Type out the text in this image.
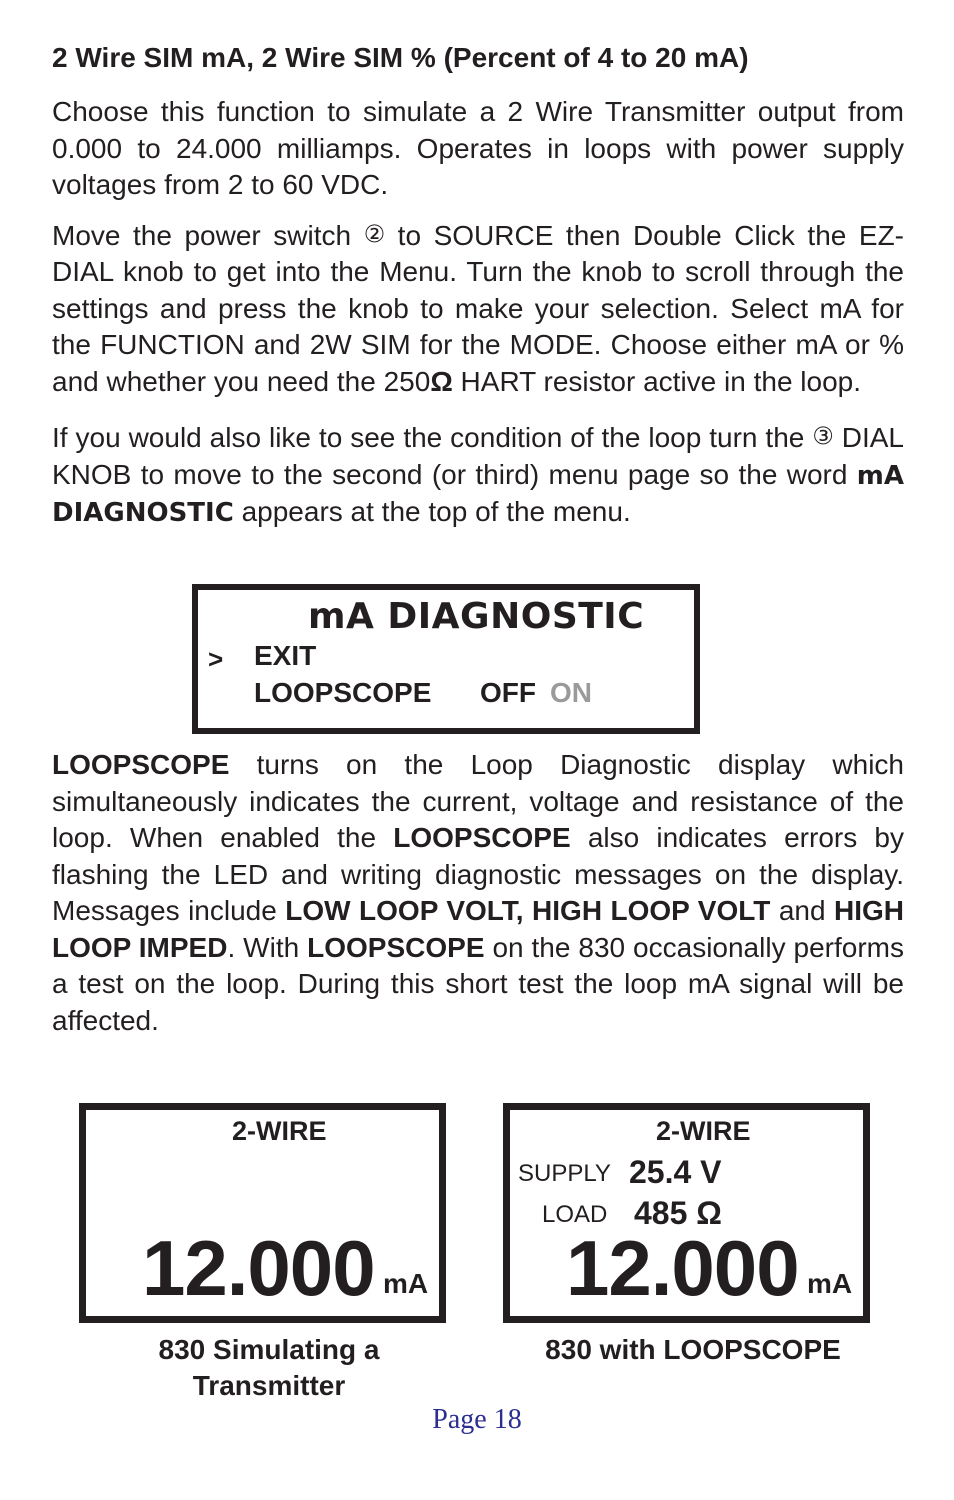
2 Wire SIM mA, 2 Wire SIM % (Percent of 4 to 20 mA)

Choose this function to simulate a 2 Wire Transmitter output from 0.000 to 24.000 milliamps. Operates in loops with power supply voltages from 2 to 60 VDC.

Move the power switch ② to SOURCE then Double Click the EZ-DIAL knob to get into the Menu. Turn the knob to scroll through the settings and press the knob to make your selection. Select mA for the FUNCTION and 2W SIM for the MODE. Choose either mA or % and whether you need the 250Ω HART resistor active in the loop.

If you would also like to see the condition of the loop turn the ③ DIAL KNOB to move to the second (or third) menu page so the word mA DIAGNOSTIC appears at the top of the menu.

mA DIAGNOSTIC
> EXIT
LOOPSCOPE OFF ON

LOOPSCOPE turns on the Loop Diagnostic display which simultaneously indicates the current, voltage and resistance of the loop. When enabled the LOOPSCOPE also indicates errors by flashing the LED and writing diagnostic messages on the display. Messages include LOW LOOP VOLT, HIGH LOOP VOLT and HIGH LOOP IMPED. With LOOPSCOPE on the 830 occasionally performs a test on the loop. During this short test the loop mA signal will be affected.

2-WIRE
12.000 mA
830 Simulating a
Transmitter
2-WIRE
SUPPLY 25.4 V
LOAD 485 Ω
12.000 mA
830 with LOOPSCOPE
Page 18
